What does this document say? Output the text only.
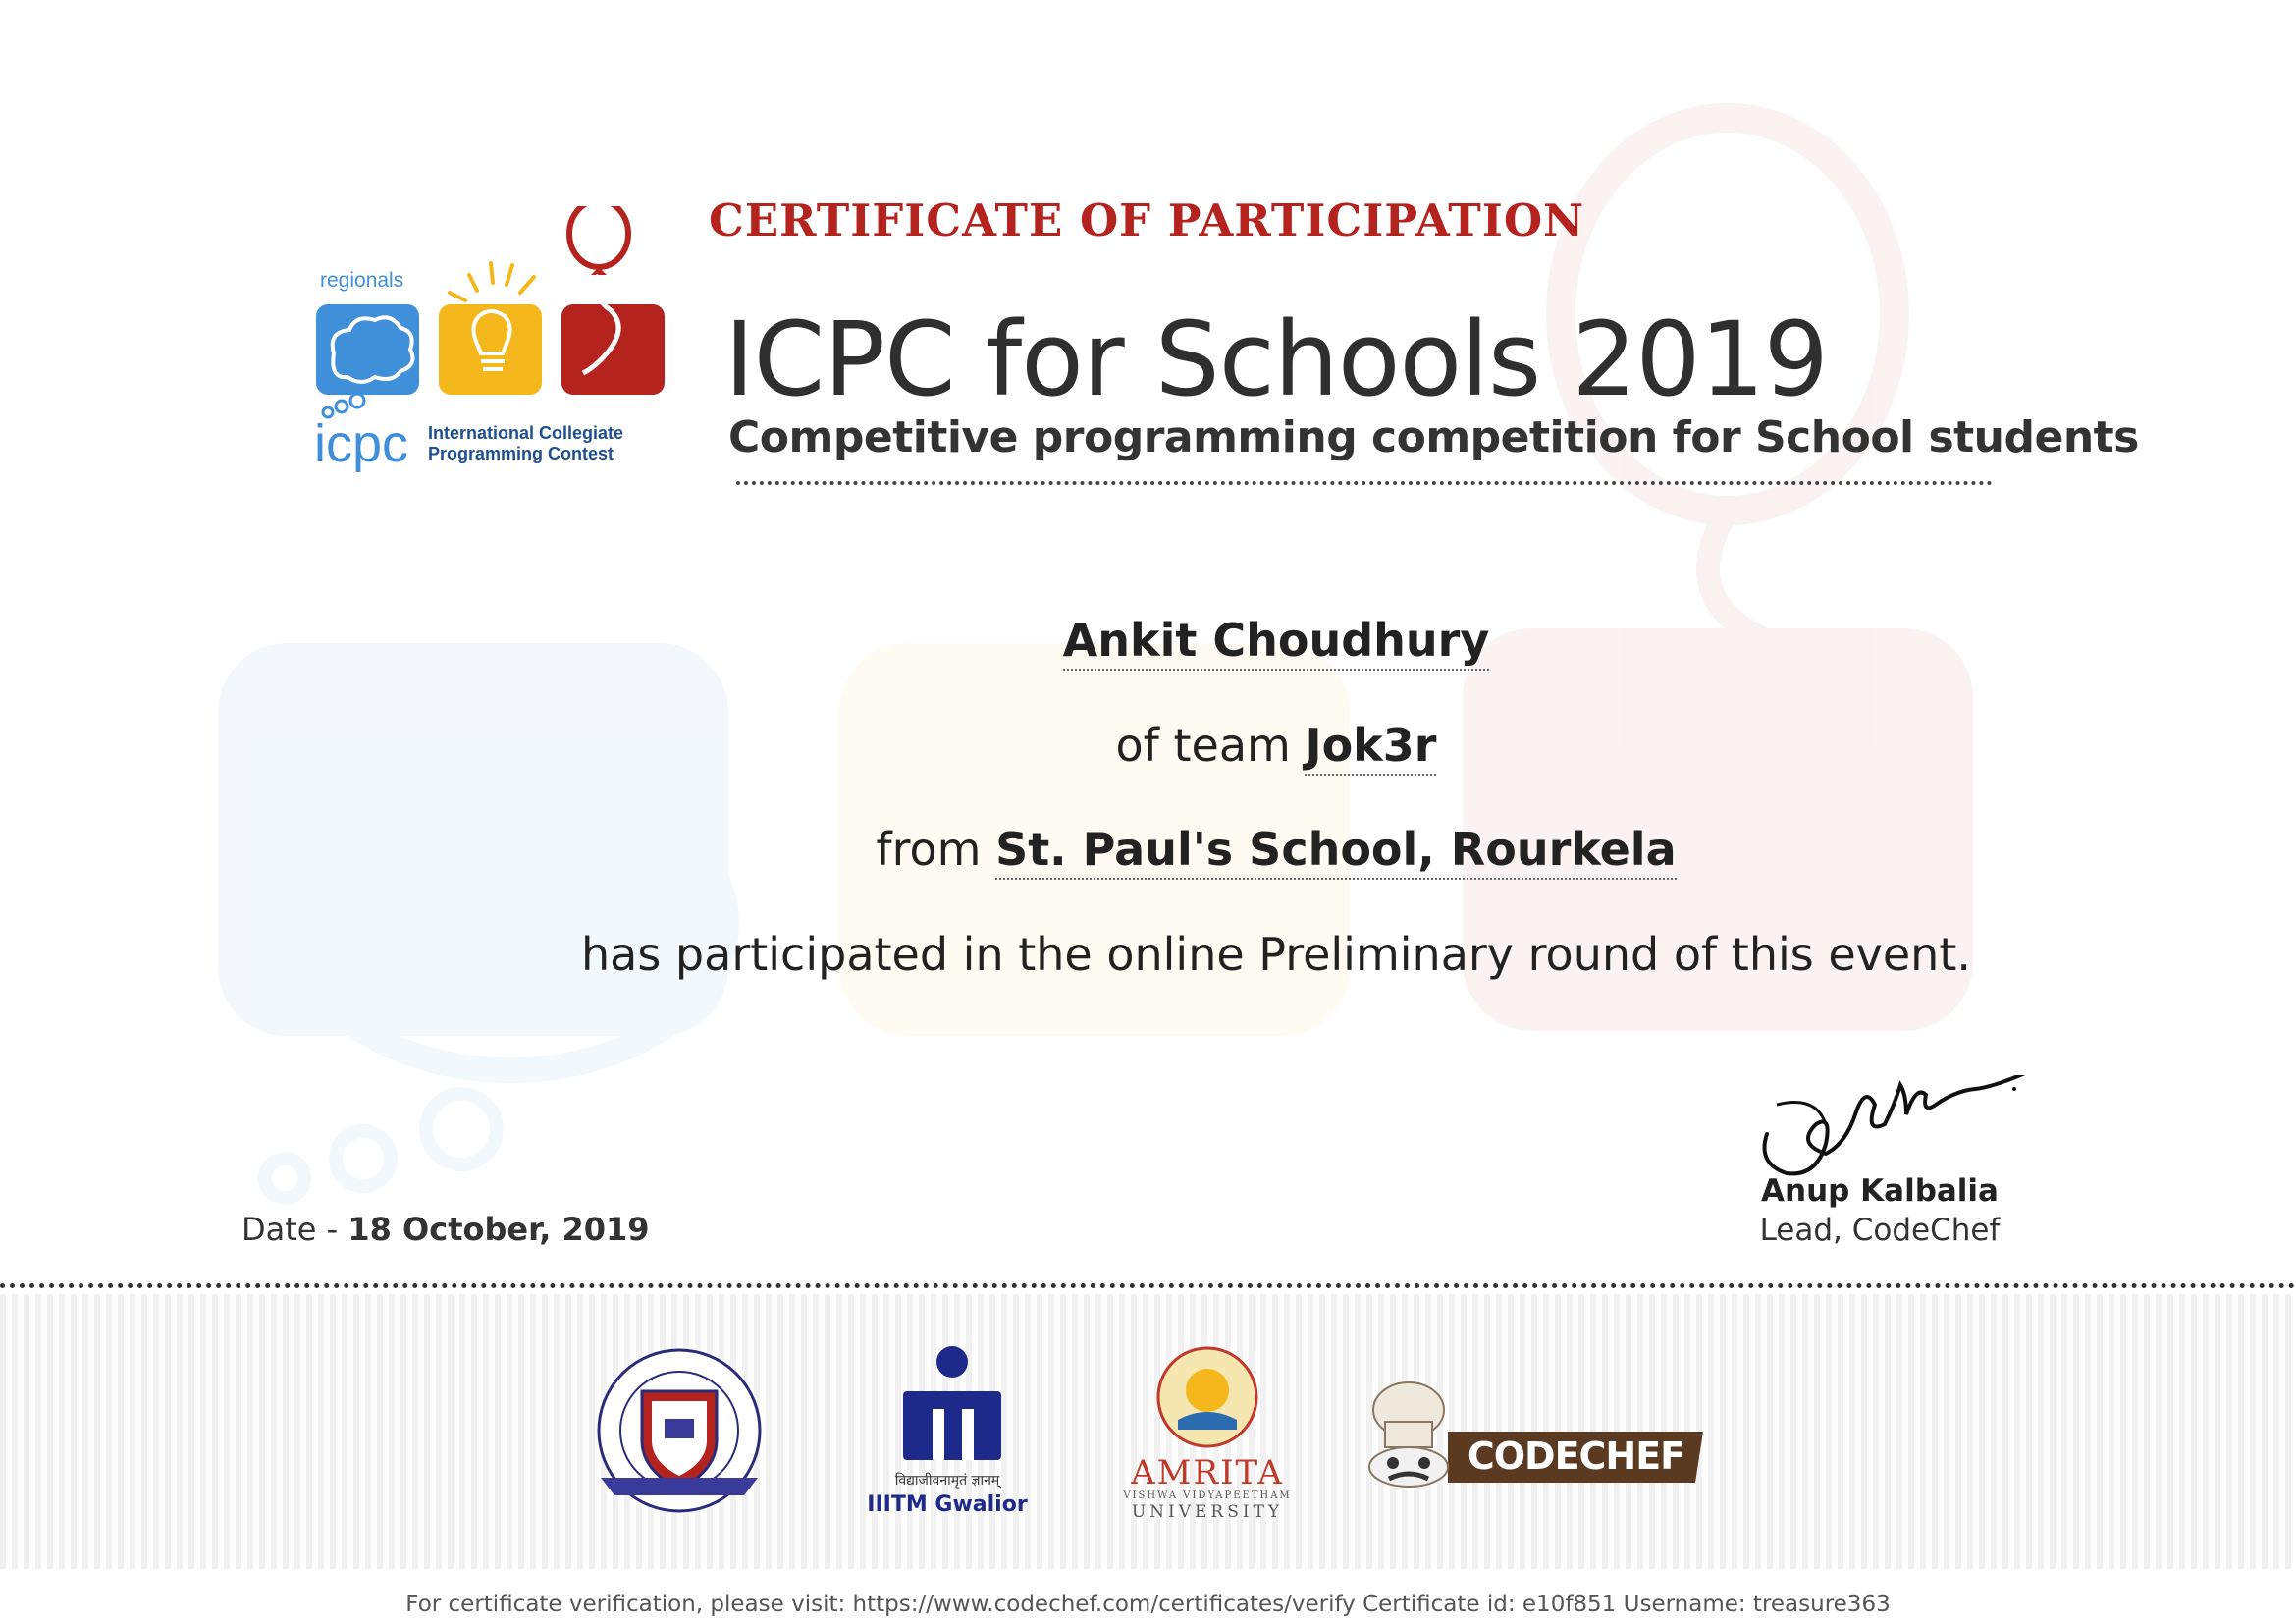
regionals
icpc International Collegiate
Programming Contest
CERTIFICATE OF PARTICIPATION
ICPC for Schools 2019
Competitive programming competition for School students
Ankit Choudhury
of team Jok3r
from St. Paul's School, Rourkela
has participated in the online Preliminary round of this event.
Date - 18 October, 2019
Anup Kalbalia
Lead, CodeChef
विद्याजीवनामृतं ज्ञानम्
IIITM Gwalior
AMRITA
VISHWA VIDYAPEETHAM
UNIVERSITY
CODECHEF
For certificate verification, please visit: https://www.codechef.com/certificates/verify Certificate id: e10f851 Username: treasure363
